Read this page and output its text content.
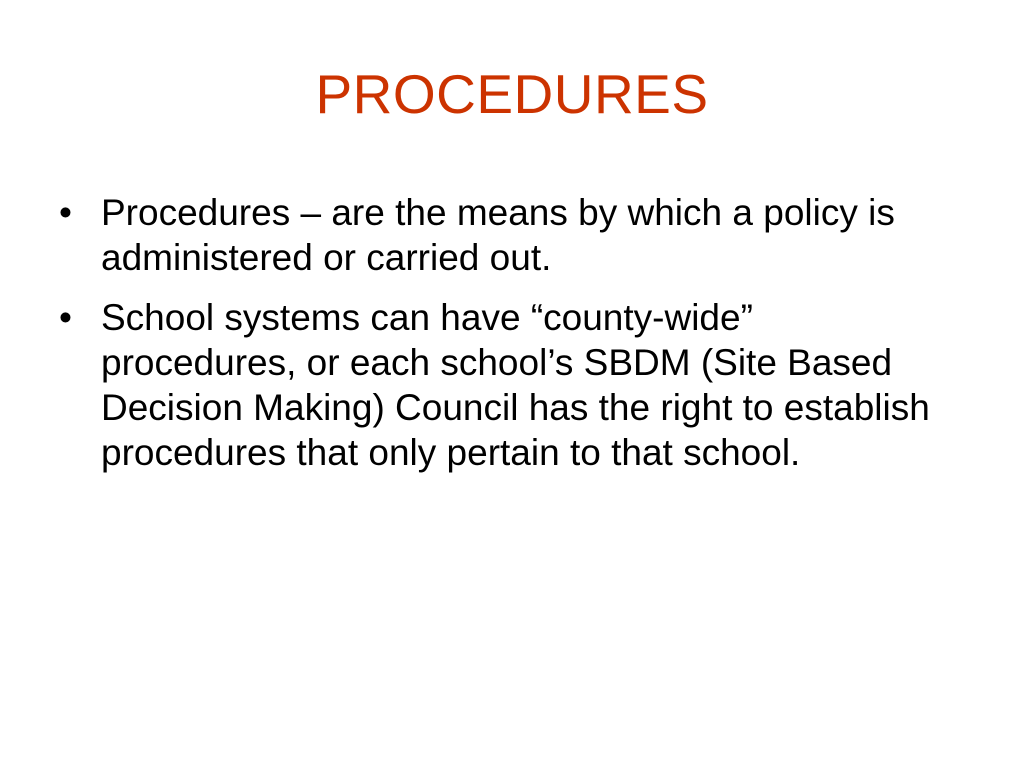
PROCEDURES
• Procedures – are the means by which a policy is administered or carried out.
• School systems can have “county-wide” procedures, or each school’s SBDM (Site Based Decision Making) Council has the right to establish procedures that only pertain to that school.
